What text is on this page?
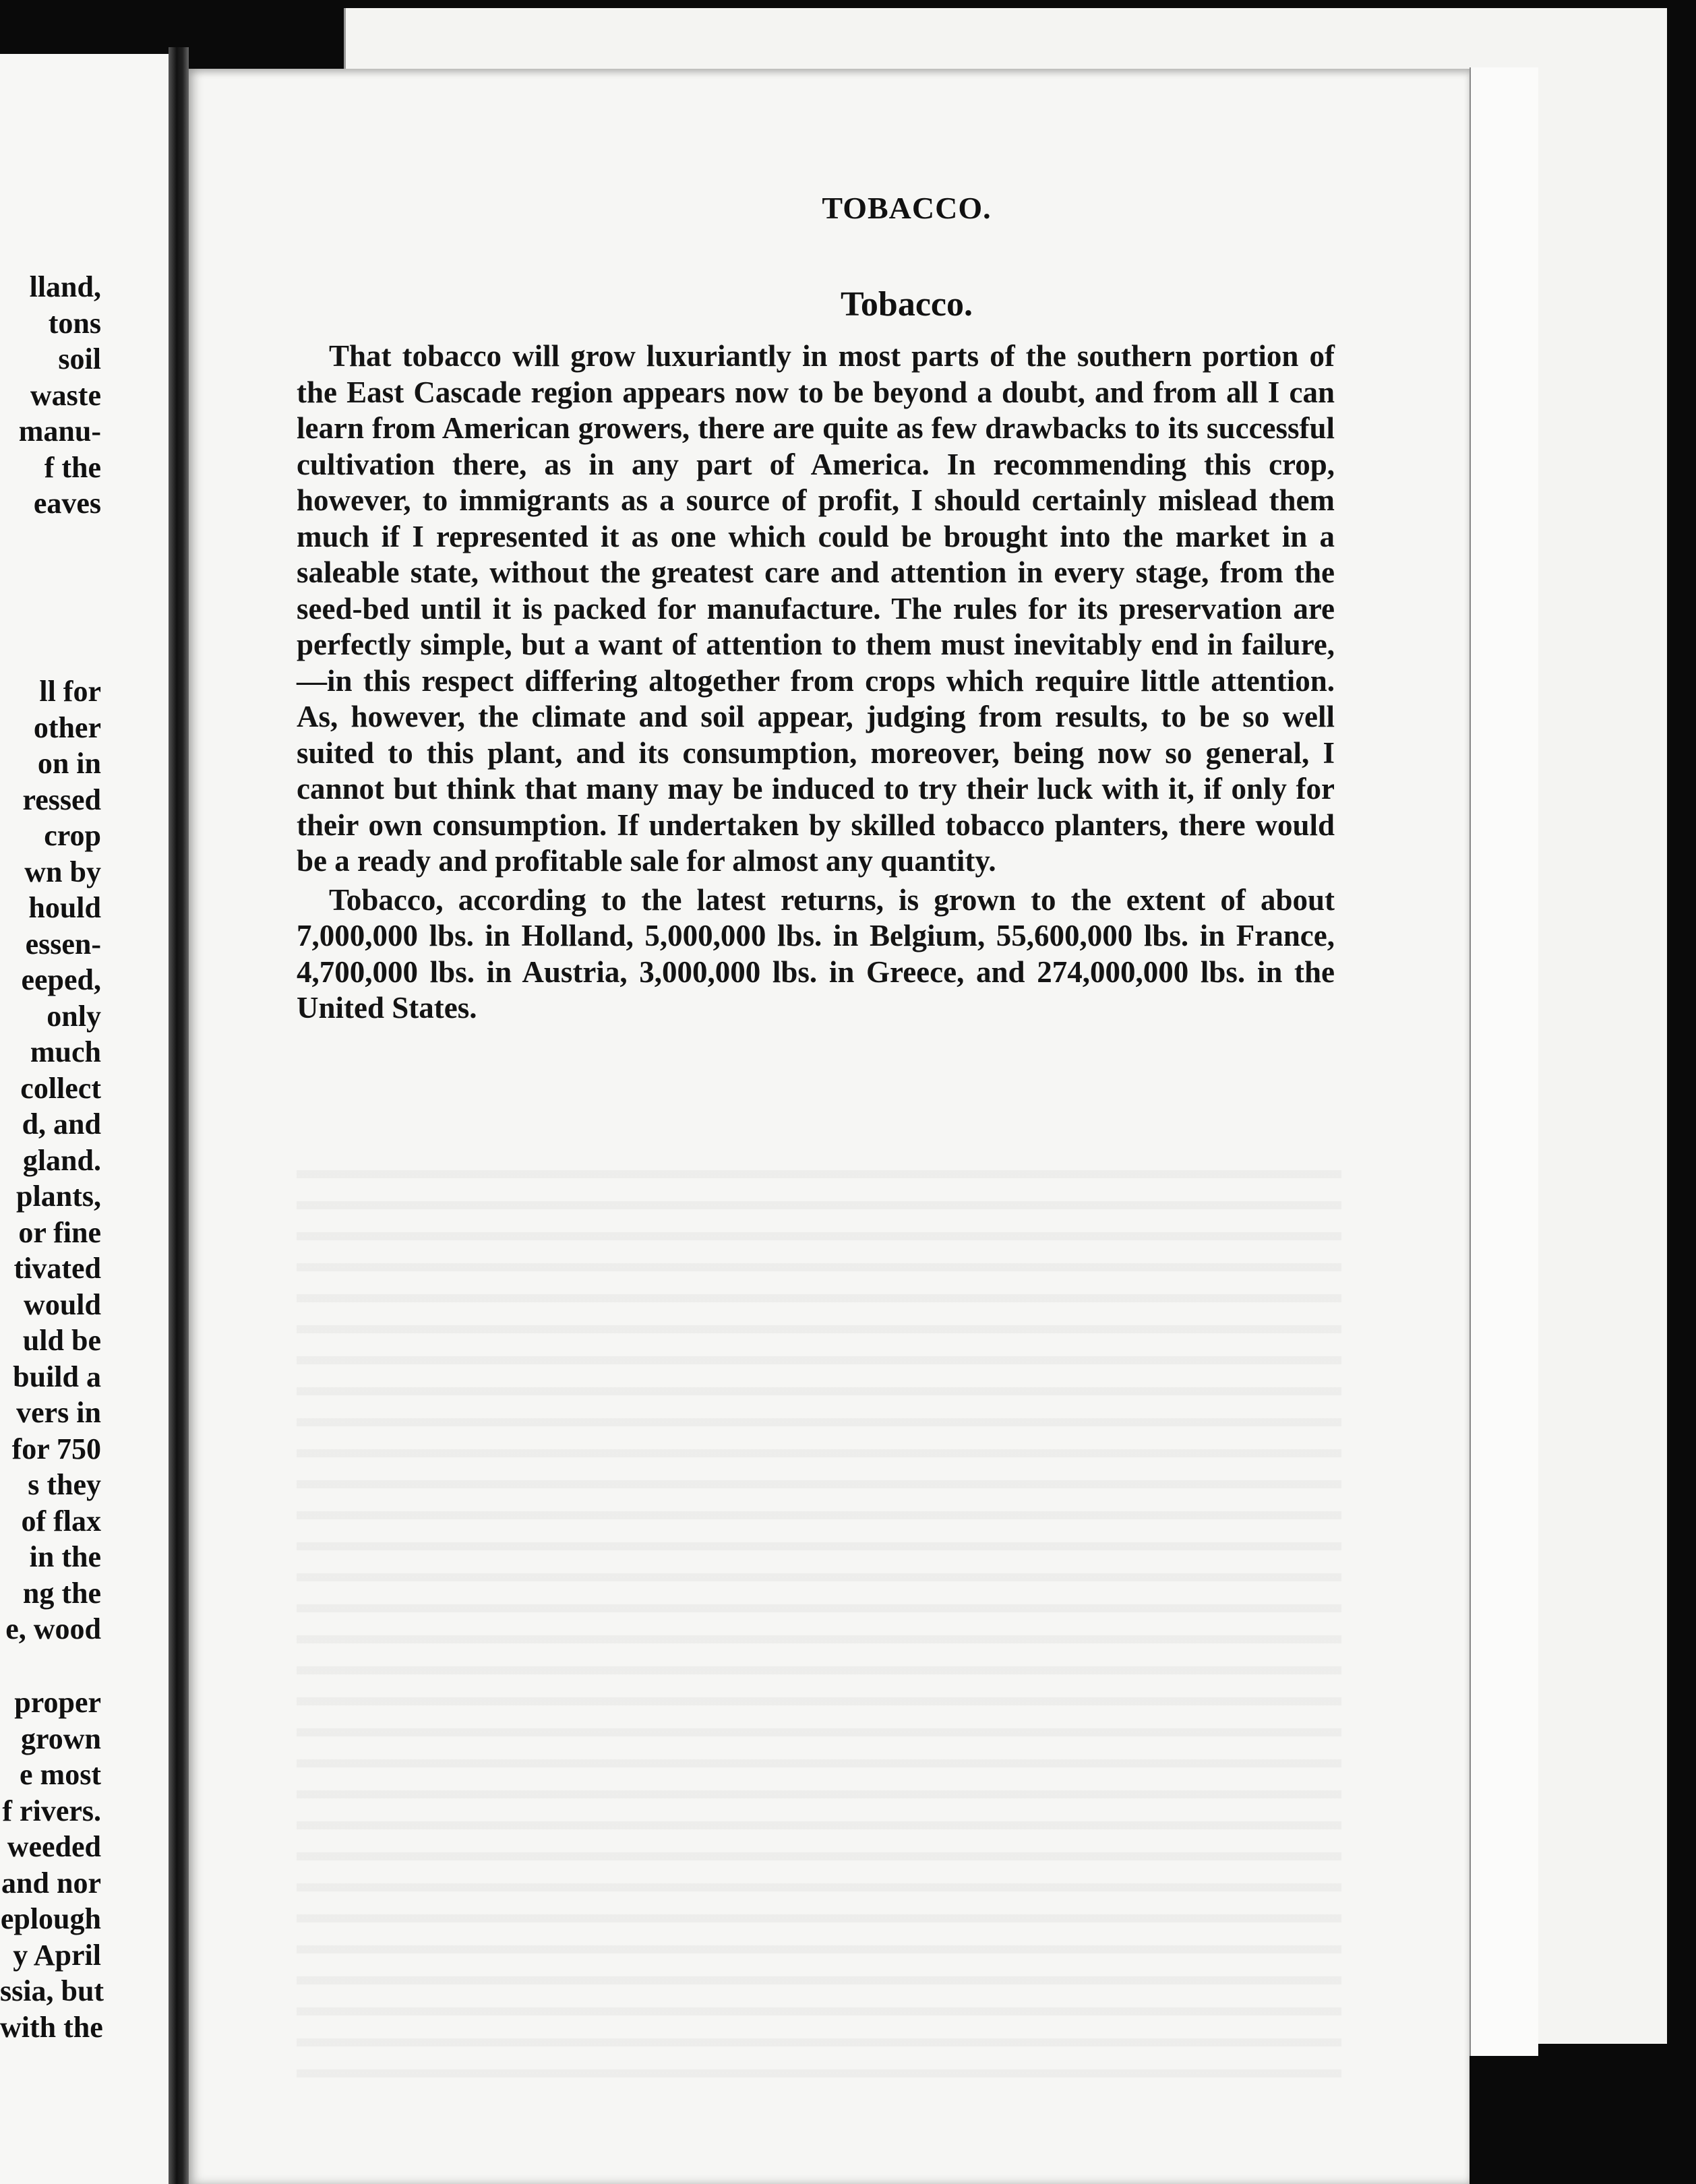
lland,
tons
soil
waste
manu-
f the
eaves
ll for
other
on in
ressed
crop
wn by
hould
essen-
eeped,
only
much
collect
d, and
gland.
plants,
or fine
tivated
would
uld be
build a
vers in
for 750
s they
of flax
in the
ng the
e, wood
proper
grown
e most
f rivers.
weeded
and nor
eplough
y April
ssia, but
with the
TOBACCO.
Tobacco.

That tobacco will grow luxuriantly in most parts of the southern portion of the East Cascade region appears now to be beyond a doubt, and from all I can learn from American growers, there are quite as few drawbacks to its successful cultivation there, as in any part of America. In recommending this crop, however, to immigrants as a source of profit, I should certainly mislead them much if I represented it as one which could be brought into the market in a saleable state, without the greatest care and attention in every stage, from the seed-bed until it is packed for manufacture. The rules for its preservation are perfectly simple, but a want of attention to them must inevitably end in failure,—in this respect differing altogether from crops which require little attention. As, however, the climate and soil appear, judging from results, to be so well suited to this plant, and its consumption, moreover, being now so general, I cannot but think that many may be induced to try their luck with it, if only for their own consumption. If undertaken by skilled tobacco planters, there would be a ready and profitable sale for almost any quantity.

Tobacco, according to the latest returns, is grown to the extent of about 7,000,000 lbs. in Holland, 5,000,000 lbs. in Belgium, 55,600,000 lbs. in France, 4,700,000 lbs. in Austria, 3,000,000 lbs. in Greece, and 274,000,000 lbs. in the United States.
